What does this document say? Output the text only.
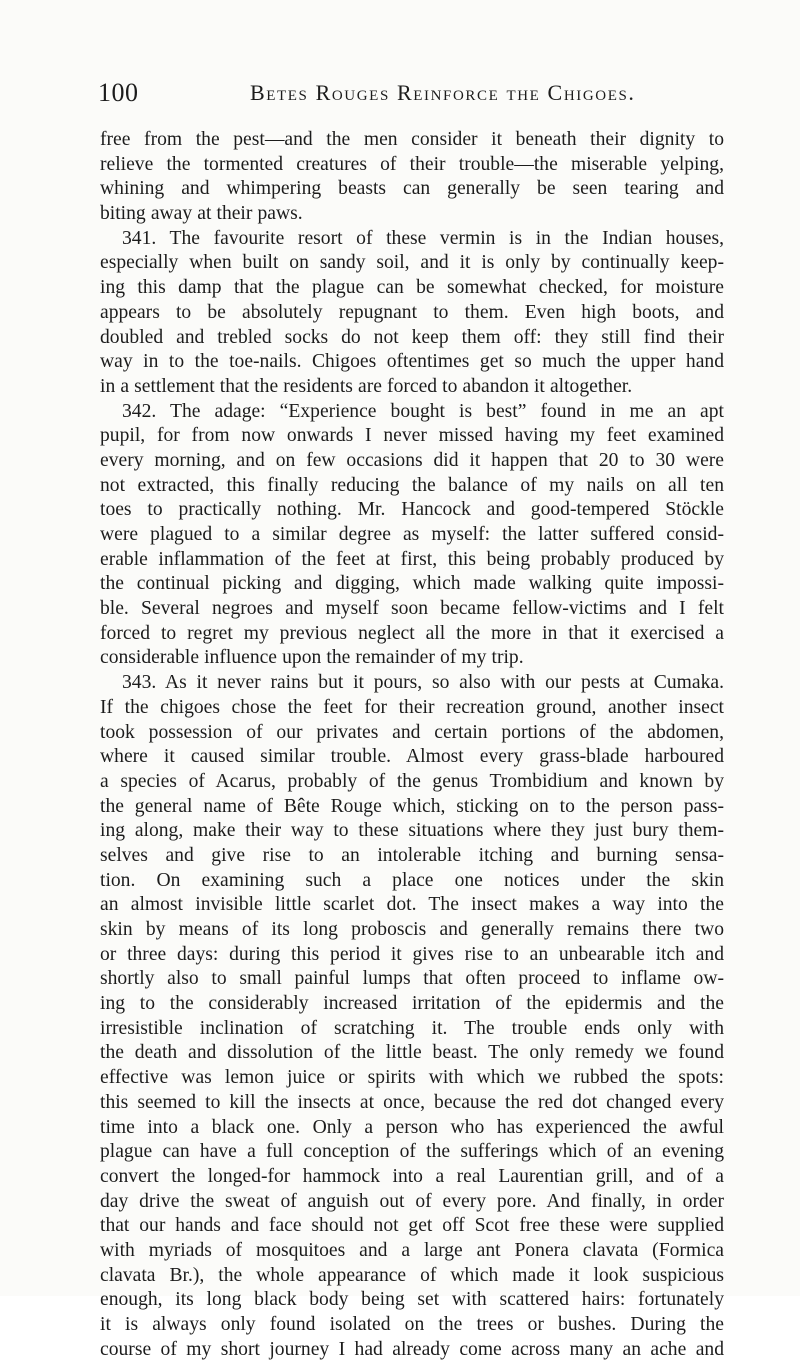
100	Betes Rouges Reinforce the Chigoes.
free from the pest—and the men consider it beneath their dignity to
relieve the tormented creatures of their trouble—the miserable yelping,
whining and whimpering beasts can generally be seen tearing and
biting away at their paws.
341. The favourite resort of these vermin is in the Indian houses,
especially when built on sandy soil, and it is only by continually keep-
ing this damp that the plague can be somewhat checked, for moisture
appears to be absolutely repugnant to them. Even high boots, and
doubled and trebled socks do not keep them off: they still find their
way in to the toe-nails. Chigoes oftentimes get so much the upper hand
in a settlement that the residents are forced to abandon it altogether.
342. The adage: “Experience bought is best” found in me an apt
pupil, for from now onwards I never missed having my feet examined
every morning, and on few occasions did it happen that 20 to 30 were
not extracted, this finally reducing the balance of my nails on all ten
toes to practically nothing. Mr. Hancock and good-tempered Stöckle
were plagued to a similar degree as myself: the latter suffered consid-
erable inflammation of the feet at first, this being probably produced by
the continual picking and digging, which made walking quite impossi-
ble. Several negroes and myself soon became fellow-victims and I felt
forced to regret my previous neglect all the more in that it exercised a
considerable influence upon the remainder of my trip.
343. As it never rains but it pours, so also with our pests at Cumaka.
If the chigoes chose the feet for their recreation ground, another insect
took possession of our privates and certain portions of the abdomen,
where it caused similar trouble. Almost every grass-blade harboured
a species of Acarus, probably of the genus Trombidium and known by
the general name of Bête Rouge which, sticking on to the person pass-
ing along, make their way to these situations where they just bury them-
selves and give rise to an intolerable itching and burning sensa-
tion. On examining such a place one notices under the skin
an almost invisible little scarlet dot. The insect makes a way into the
skin by means of its long proboscis and generally remains there two
or three days: during this period it gives rise to an unbearable itch and
shortly also to small painful lumps that often proceed to inflame ow-
ing to the considerably increased irritation of the epidermis and the
irresistible inclination of scratching it. The trouble ends only with
the death and dissolution of the little beast. The only remedy we found
effective was lemon juice or spirits with which we rubbed the spots:
this seemed to kill the insects at once, because the red dot changed every
time into a black one. Only a person who has experienced the awful
plague can have a full conception of the sufferings which of an evening
convert the longed-for hammock into a real Laurentian grill, and of a
day drive the sweat of anguish out of every pore. And finally, in order
that our hands and face should not get off Scot free these were supplied
with myriads of mosquitoes and a large ant Ponera clavata (Formica
clavata Br.), the whole appearance of which made it look suspicious
enough, its long black body being set with scattered hairs: fortunately
it is always only found isolated on the trees or bushes. During the
course of my short journey I had already come across many an ache and
